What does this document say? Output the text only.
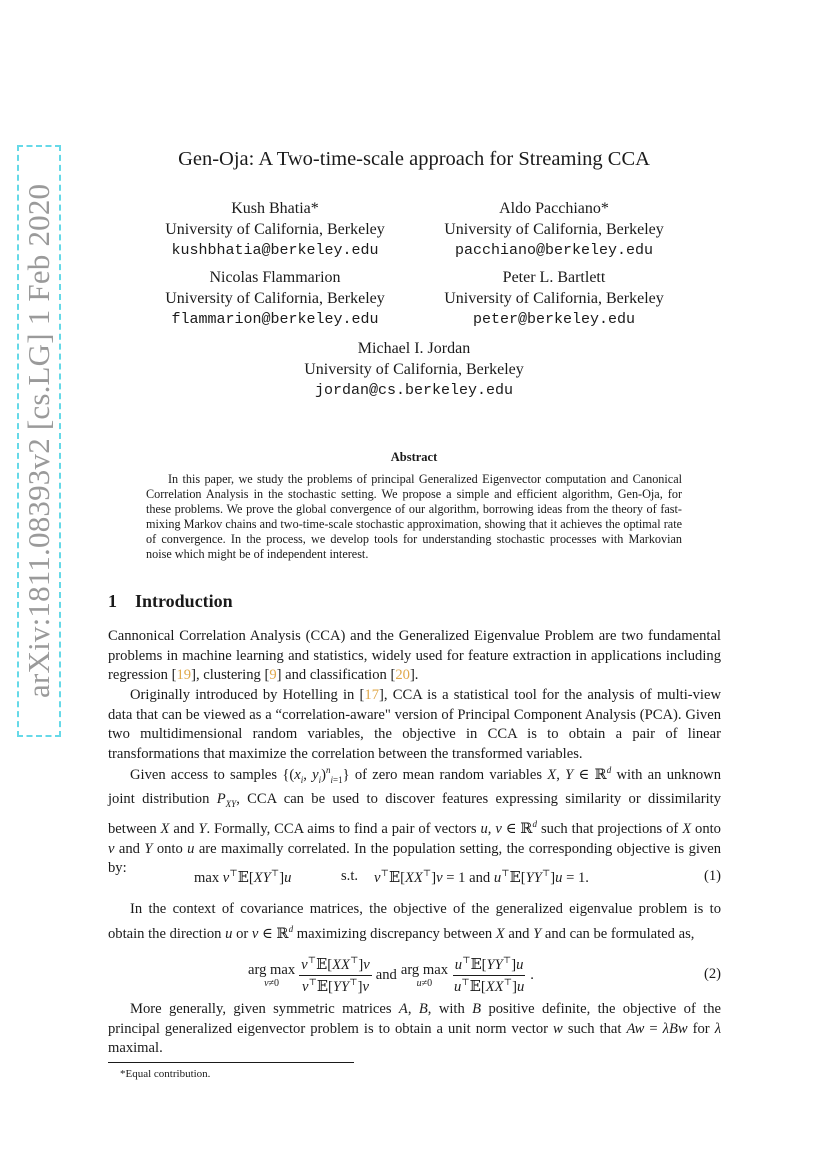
arXiv:1811.08393v2 [cs.LG] 1 Feb 2020
Gen-Oja: A Two-time-scale approach for Streaming CCA
Kush Bhatia*
University of California, Berkeley
kushbhatia@berkeley.edu
Aldo Pacchiano*
University of California, Berkeley
pacchiano@berkeley.edu
Nicolas Flammarion
University of California, Berkeley
flammarion@berkeley.edu
Peter L. Bartlett
University of California, Berkeley
peter@berkeley.edu
Michael I. Jordan
University of California, Berkeley
jordan@cs.berkeley.edu
Abstract
In this paper, we study the problems of principal Generalized Eigenvector computation and Canonical Correlation Analysis in the stochastic setting. We propose a simple and efficient algorithm, Gen-Oja, for these problems. We prove the global convergence of our algorithm, borrowing ideas from the theory of fast-mixing Markov chains and two-time-scale stochastic approximation, showing that it achieves the optimal rate of convergence. In the process, we develop tools for understanding stochastic processes with Markovian noise which might be of independent interest.
1 Introduction
Cannonical Correlation Analysis (CCA) and the Generalized Eigenvalue Problem are two fundamental problems in machine learning and statistics, widely used for feature extraction in applications including regression [19], clustering [9] and classification [20].
Originally introduced by Hotelling in [17], CCA is a statistical tool for the analysis of multi-view data that can be viewed as a “correlation-aware" version of Principal Component Analysis (PCA). Given two multidimensional random variables, the objective in CCA is to obtain a pair of linear transformations that maximize the correlation between the transformed variables.
Given access to samples {($x_i$, $y_i)^n_{i=1}$} of zero mean random variables X, Y ∈ ℝ$^d$ with an unknown joint distribution $P_{XY}$, CCA can be used to discover features expressing similarity or dissimilarity between X and Y. Formally, CCA aims to find a pair of vectors u, v ∈ ℝ$^d$ such that projections of X onto v and Y onto u are maximally correlated. In the population setting, the corresponding objective is given by:
max v⊤𝔼[XY⊤]u	s.t. v⊤𝔼[XX⊤]v = 1 and u⊤𝔼[YY⊤]u = 1.	(1)
In the context of covariance matrices, the objective of the generalized eigenvalue problem is to obtain the direction u or v ∈ ℝ$^d$ maximizing discrepancy between X and Y and can be formulated as,
arg max
$v\ne 0 \frac{v^⊤𝔼[XX^⊤]v}{v^⊤𝔼[YY^⊤]v}$ and arg max
$u\ne 0 \frac{u^⊤𝔼[YY^⊤]u}{u^⊤𝔼[XX^⊤]u}$ .	(2)
More generally, given symmetric matrices A, B, with B positive definite, the objective of the principal generalized eigenvector problem is to obtain a unit norm vector w such that Aw = λBw for λ maximal.
*Equal contribution.
